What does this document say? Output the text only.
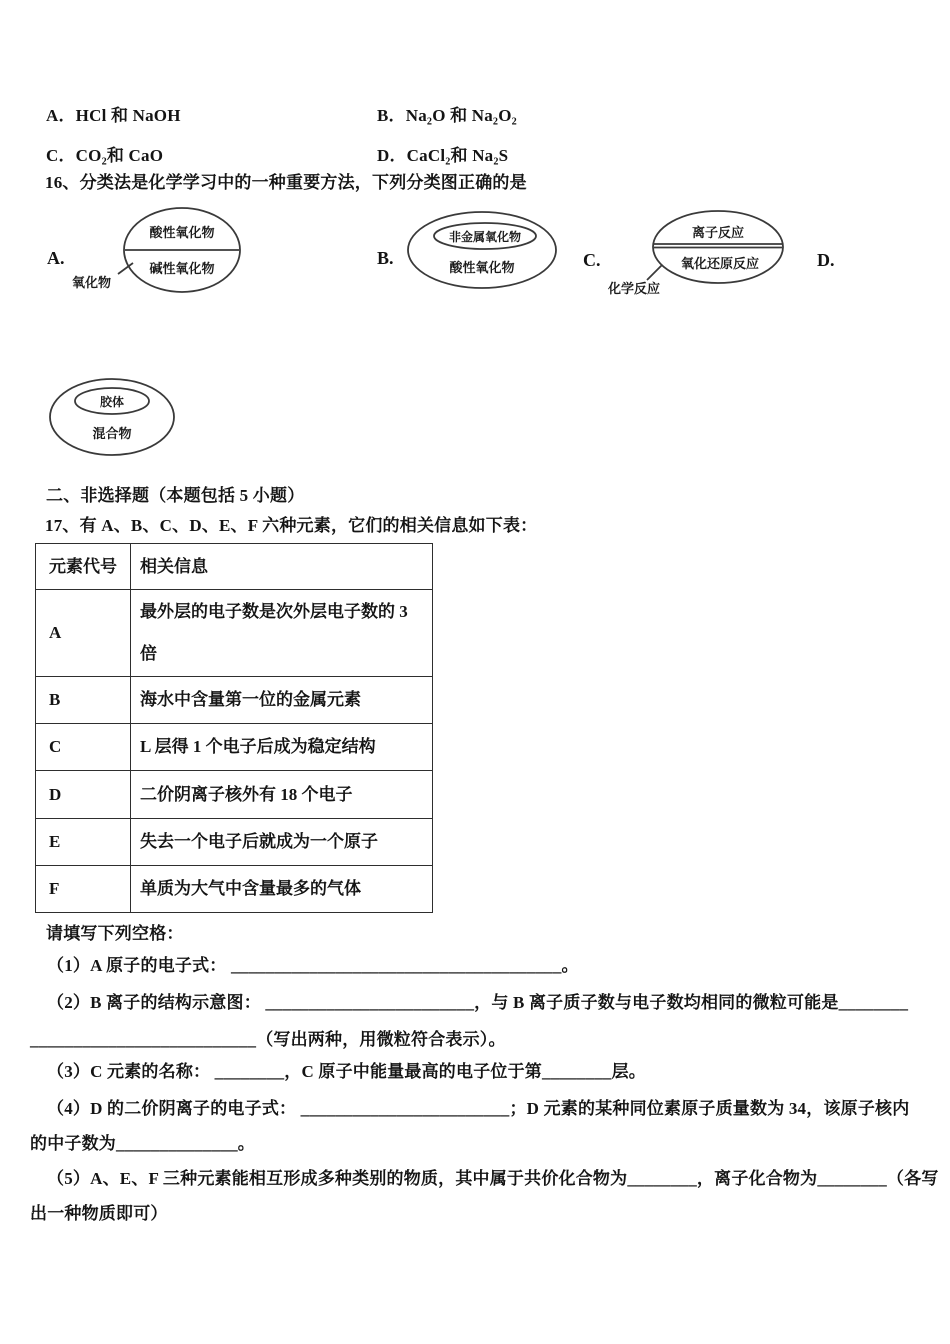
A．HCl 和 NaOH	B．Na₂O 和 Na₂O₂
C．CO₂和 CaO	D．CaCl₂和 Na₂S
16、分类法是化学学习中的一种重要方法，下列分类图正确的是
A.	B.	C.	D.
酸性氧化物
碱性氧化物
氧化物
非金属氧化物
酸性氧化物
离子反应
氧化还原反应
化学反应
胶体
混合物
二、非选择题（本题包括 5 小题）
17、有 A、B、C、D、E、F 六种元素，它们的相关信息如下表：
元素代号	相关信息
A	最外层的电子数是次外层电子数的 3 倍
B	海水中含量第一位的金属元素
C	L 层得 1 个电子后成为稳定结构
D	二价阴离子核外有 18 个电子
E	失去一个电子后就成为一个原子
F	单质为大气中含量最多的气体
请填写下列空格：
（1）A 原子的电子式： ______________________________________。
（2）B 离子的结构示意图： ________________________，与 B 离子质子数与电子数均相同的微粒可能是________
__________________________（写出两种，用微粒符合表示）。
（3）C 元素的名称： ________，C 原子中能量最高的电子位于第________层。
（4）D 的二价阴离子的电子式： ________________________；D 元素的某种同位素原子质量数为 34，该原子核内
的中子数为______________。
（5）A、E、F 三种元素能相互形成多种类别的物质，其中属于共价化合物为________，离子化合物为________（各写
出一种物质即可）
